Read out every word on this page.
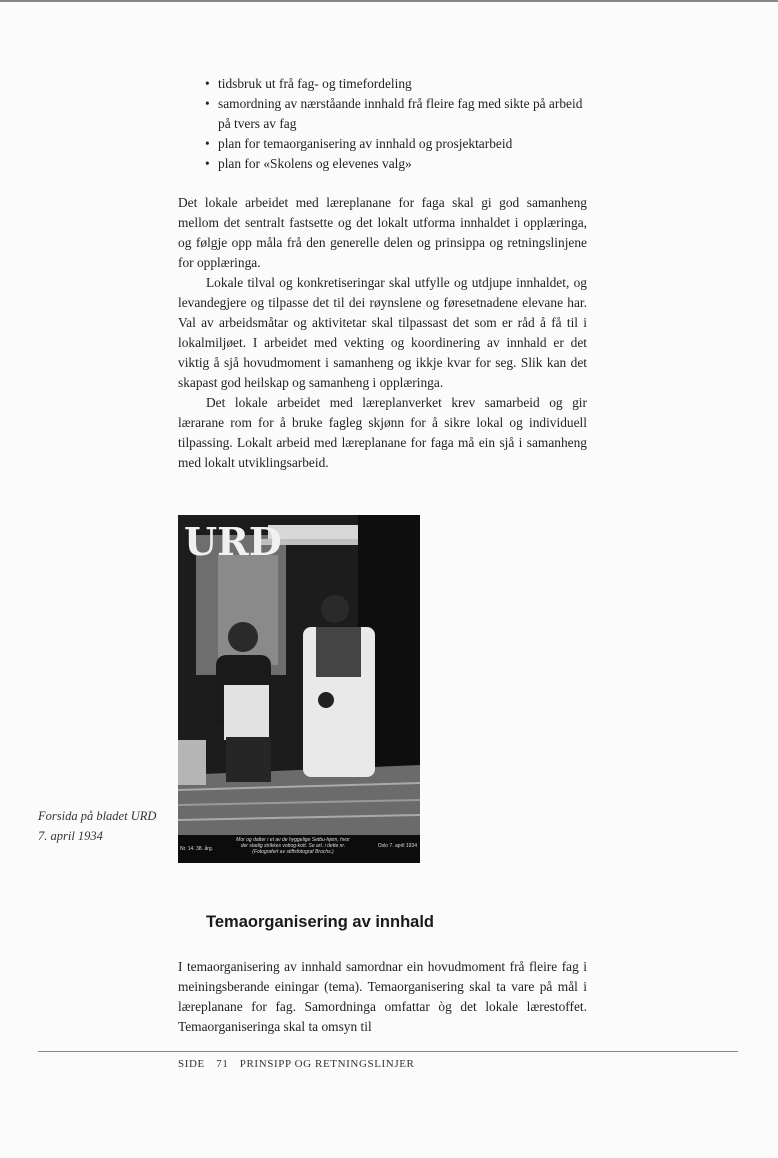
• tidsbruk ut frå fag- og timefordeling
• samordning av nærståande innhald frå fleire fag med sikte på arbeid på tvers av fag
• plan for temaorganisering av innhald og prosjektarbeid
• plan for «Skolens og elevenes valg»

Det lokale arbeidet med læreplanane for faga skal gi god samanheng mellom det sentralt fastsette og det lokalt utforma innhaldet i opplæringa, og følgje opp måla frå den generelle delen og prinsippa og retningslinjene for opplæringa.

Lokale tilval og konkretiseringar skal utfylle og utdjupe innhaldet, og levandegjere og tilpasse det til dei røynslene og føresetnadene elevane har. Val av arbeidsmåtar og aktivitetar skal tilpassast det som er råd å få til i lokalmiljøet. I arbeidet med vekting og koordinering av innhald er det viktig å sjå hovudmoment i samanheng og ikkje kvar for seg. Slik kan det skapast god heilskap og samanheng i opplæringa.

Det lokale arbeidet med læreplanverket krev samarbeid og gir lærarane rom for å bruke fagleg skjønn for å sikre lokal og individuell tilpassing. Lokalt arbeid med læreplanane for faga må ein sjå i samanheng med lokalt utviklingsarbeid.

Forsida på bladet URD
7. april 1934
URD
Nr. 14. 38. årg.
Mor og datter i et av de hyggelige Setbu-hjem, hvor der stadig strikkes vottog-kott. Se art. i dette nr. (Fotografert av stiftsfotograf Brochs.)
Oslo 7. april 1934
Temaorganisering av innhald

I temaorganisering av innhald samordnar ein hovudmoment frå fleire fag i meiningsberande einingar (tema). Temaorganisering skal ta vare på mål i læreplanane for fag. Samordninga omfattar òg det lokale lærestoffet. Temaorganiseringa skal ta omsyn til

SIDE 71 PRINSIPP OG RETNINGSLINJER
